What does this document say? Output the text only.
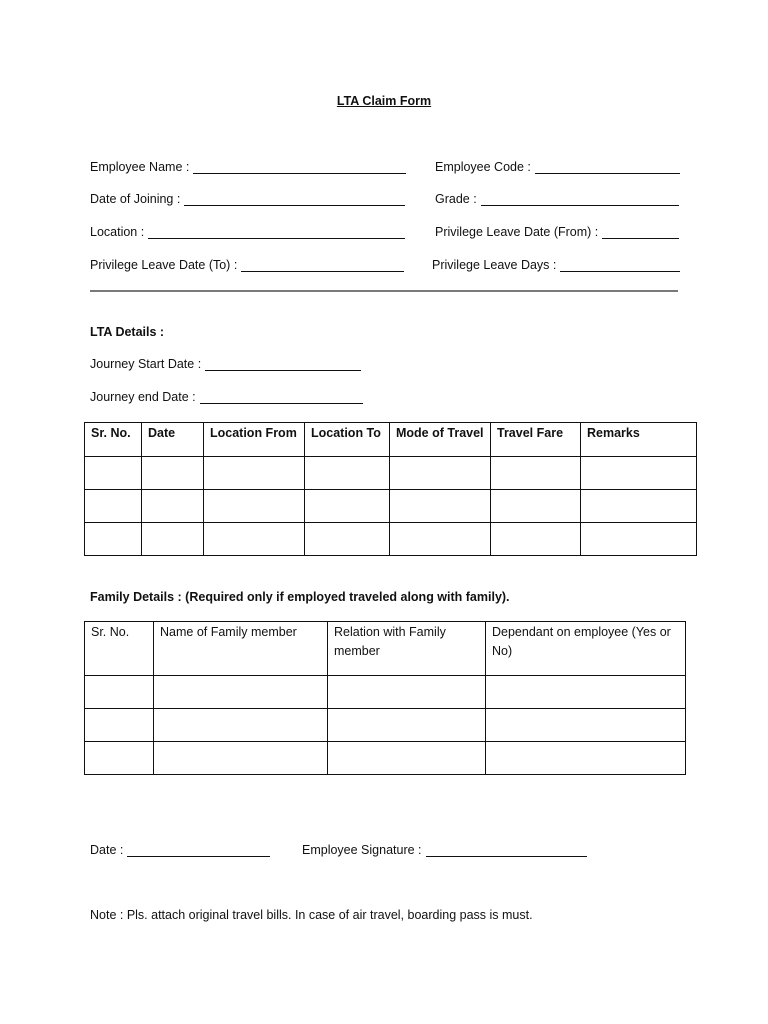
LTA Claim Form
Employee Name :	Employee Code :
Date of Joining :	Grade :
Location :	Privilege Leave Date (From) :
Privilege Leave Date (To) :	Privilege Leave Days :
LTA Details :
Journey Start Date :
Journey end Date :
Sr. No.	Date	Location From	Location To	Mode of Travel	Travel Fare	Remarks

Family Details : (Required only if employed traveled along with family).
Sr. No.	Name of Family member	Relation with Family member	Dependant on employee (Yes or No)

Date :	Employee Signature :
Note : Pls. attach original travel bills. In case of air travel, boarding pass is must.
